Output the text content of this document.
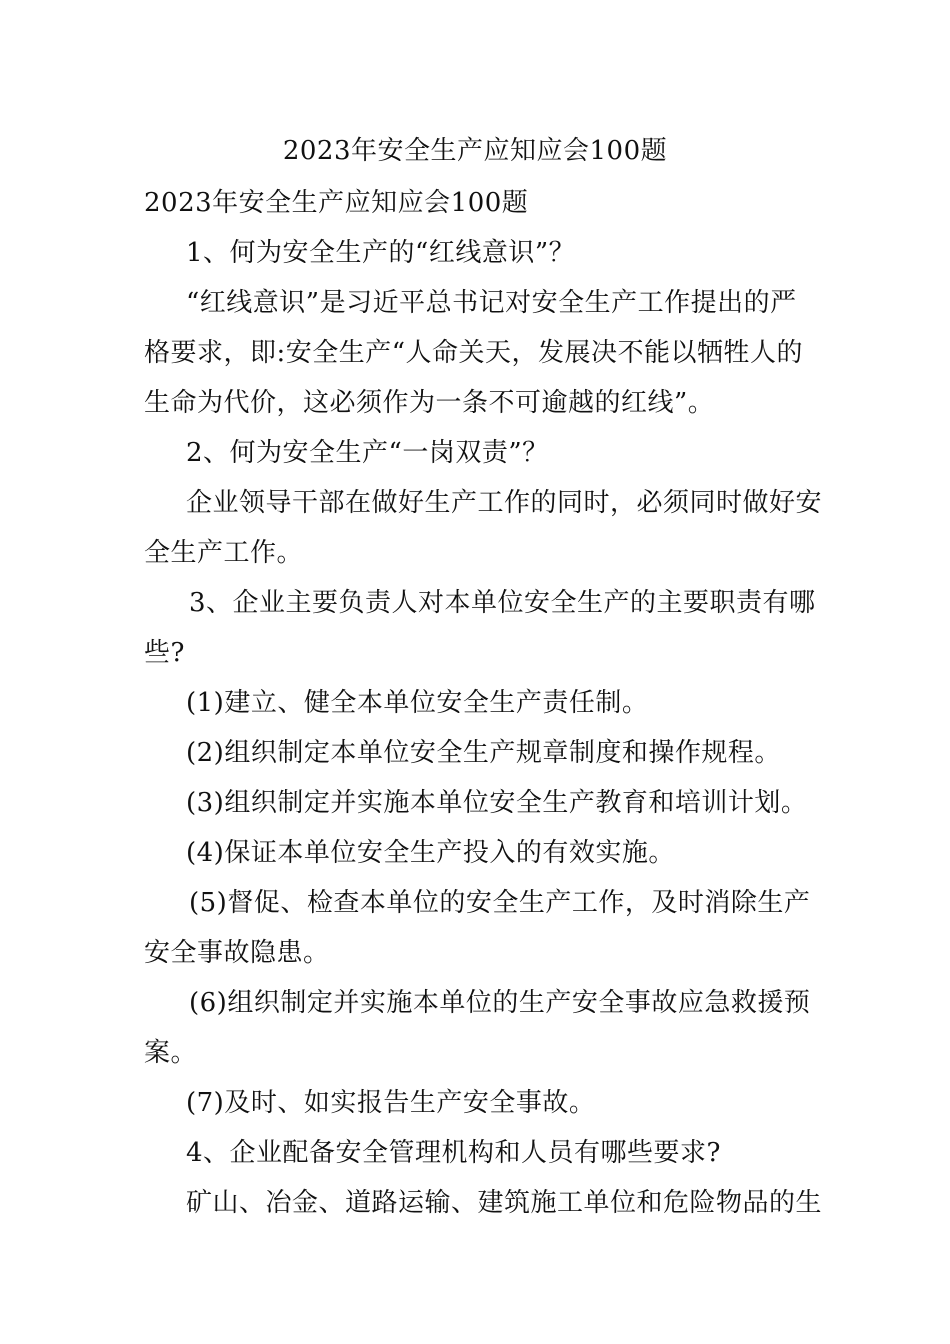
2023年安全生产应知应会100题
2023年安全生产应知应会100题
1、何为安全生产的“红线意识”？
“红线意识”是习近平总书记对安全生产工作提出的严
格要求，即:安全生产“人命关天，发展决不能以牺牲人的
生命为代价，这必须作为一条不可逾越的红线”。
2、何为安全生产“一岗双责”？
企业领导干部在做好生产工作的同时，必须同时做好安
全生产工作。
3、企业主要负责人对本单位安全生产的主要职责有哪
些?
(1)建立、健全本单位安全生产责任制。
(2)组织制定本单位安全生产规章制度和操作规程。
(3)组织制定并实施本单位安全生产教育和培训计划。
(4)保证本单位安全生产投入的有效实施。
(5)督促、检查本单位的安全生产工作，及时消除生产
安全事故隐患。
(6)组织制定并实施本单位的生产安全事故应急救援预
案。
(7)及时、如实报告生产安全事故。
4、企业配备安全管理机构和人员有哪些要求?
矿山、冶金、道路运输、建筑施工单位和危险物品的生
